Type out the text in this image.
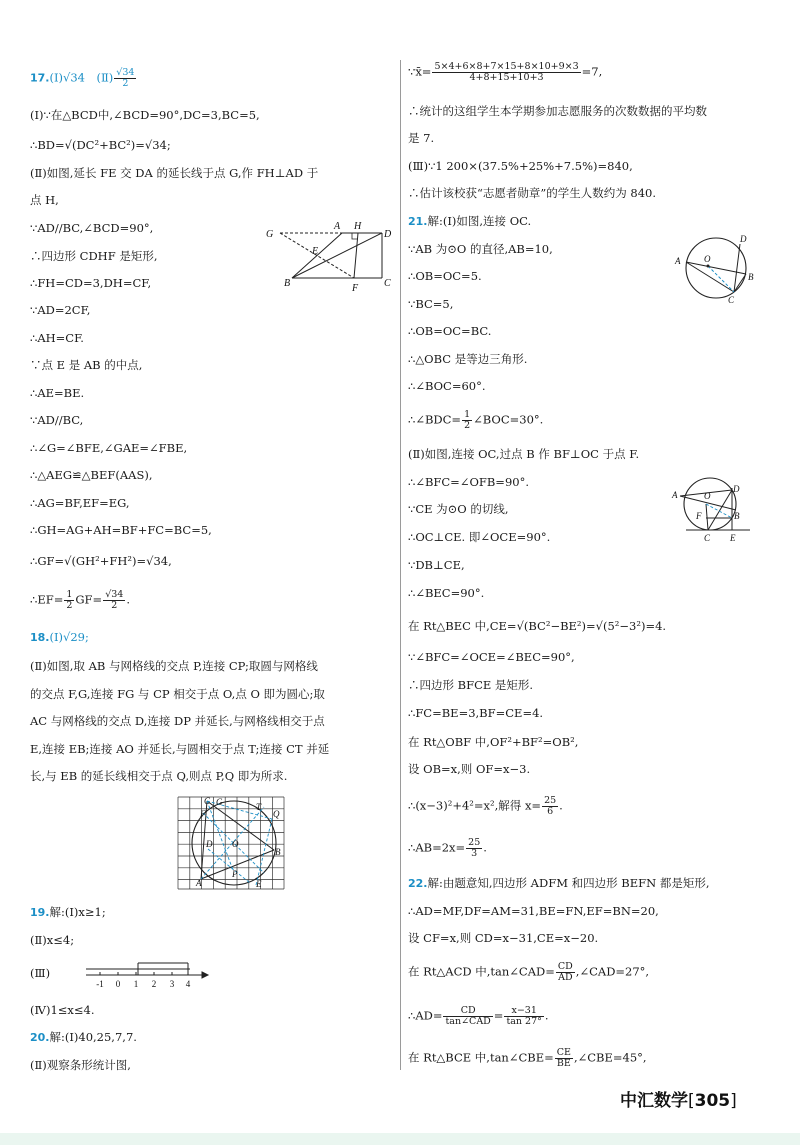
17.(Ⅰ)√34　(Ⅱ) $\frac{√34}{2}$
(Ⅰ)∵在△BCD中,∠BCD=90°,DC=3,BC=5,
∴BD=√(DC²+BC²)=√34;
(Ⅱ)如图,延长 FE 交 DA 的延长线于点 G,作 FH⊥AD 于
点 H,
∵AD//BC,∠BCD=90°,
∴四边形 CDHF 是矩形,
∴FH=CD=3,DH=CF,
∵AD=2CF,
∴AH=CF.
∵点 E 是 AB 的中点,
∴AE=BE.
∵AD//BC,
∴∠G=∠BFE,∠GAE=∠FBE,
∴△AEG≌△BEF(AAS),
∴AG=BF,EF=EG,
∴GH=AG+AH=BF+FC=BC=5,
∴GF=√(GH²+FH²)=√34,
∴EF= $\frac{1}{2} GF= \frac{√34}{2}$ .
18.(Ⅰ)√29;
(Ⅱ)如图,取 AB 与网格线的交点 P,连接 CP;取圆与网格线
的交点 F,G,连接 FG 与 CP 相交于点 O,点 O 即为圆心;取
AC 与网格线的交点 D,连接 DP 并延长,与网格线相交于点
E,连接 EB;连接 AO 并延长,与圆相交于点 T;连接 CT 并延
长,与 EB 的延长线相交于点 Q,则点 P,Q 即为所求.
19.解:(Ⅰ)x≥1;
(Ⅱ)x≤4;
(Ⅲ)
(Ⅳ)1≤x≤4.
20.解:(Ⅰ)40,25,7,7.
(Ⅱ)观察条形统计图,
G
A H
D
E
B	F	C
C G	T
F	Q
D O
A
P
E
B
-1 0 1 2 3 4
∵x̄= $\frac{5\times 4+6\times 8+7\times 15+8\times 10+9\times 3}{4+8+15+10+3} =7$,
∴统计的这组学生本学期参加志愿服务的次数数据的平均数
是 7.
(Ⅲ)∵1 200×(37.5%+25%+7.5%)=840,
∴估计该校获“志愿者勋章”的学生人数约为 840.
21.解:(Ⅰ)如图,连接 OC.
∵AB 为⊙O 的直径,AB=10,
∴OB=OC=5.
∵BC=5,
∴OB=OC=BC.
∴△OBC 是等边三角形.
∴∠BOC=60°.
∴∠BDC= $\frac{1}{2}$ ∠BOC=30°.
(Ⅱ)如图,连接 OC,过点 B 作 BF⊥OC 于点 F.
∴∠BFC=∠OFB=90°.
∵CE 为⊙O 的切线,
∴OC⊥CE. 即∠OCE=90°.
∵DB⊥CE,
∴∠BEC=90°.
在 Rt△BEC 中,CE=√(BC²−BE²)=√(5²−3²)=4.
∵∠BFC=∠OCE=∠BEC=90°,
∴四边形 BFCE 是矩形.
∴FC=BE=3,BF=CE=4.
在 Rt△OBF 中,OF²+BF²=OB²,
设 OB=x,则 OF=x−3.
∴(x−3)²+4²=x²,解得 $x= \frac{25}{6}$ .
∴AB=2x= $\frac{25}{3}$ .
22.解:由题意知,四边形 ADFM 和四边形 BEFN 都是矩形,
∴AD=MF,DF=AM=31,BE=FN,EF=BN=20,
设 CF=x,则 CD=x−31,CE=x−20.
在 Rt△ACD 中,tan∠CAD= $\frac{CD}{AD}$ ,∠CAD=27°,
∴AD= $\frac{CD}{\text{tan∠CAD}} = \frac{x-31}{\tan 27^\circ}$ .
在 Rt△BCE 中,tan∠CBE= $\frac{CE}{BE}$ ,∠CBE=45°,
A	O
D
B
C
A	O
D
F	B
C E
中汇数学[305]
